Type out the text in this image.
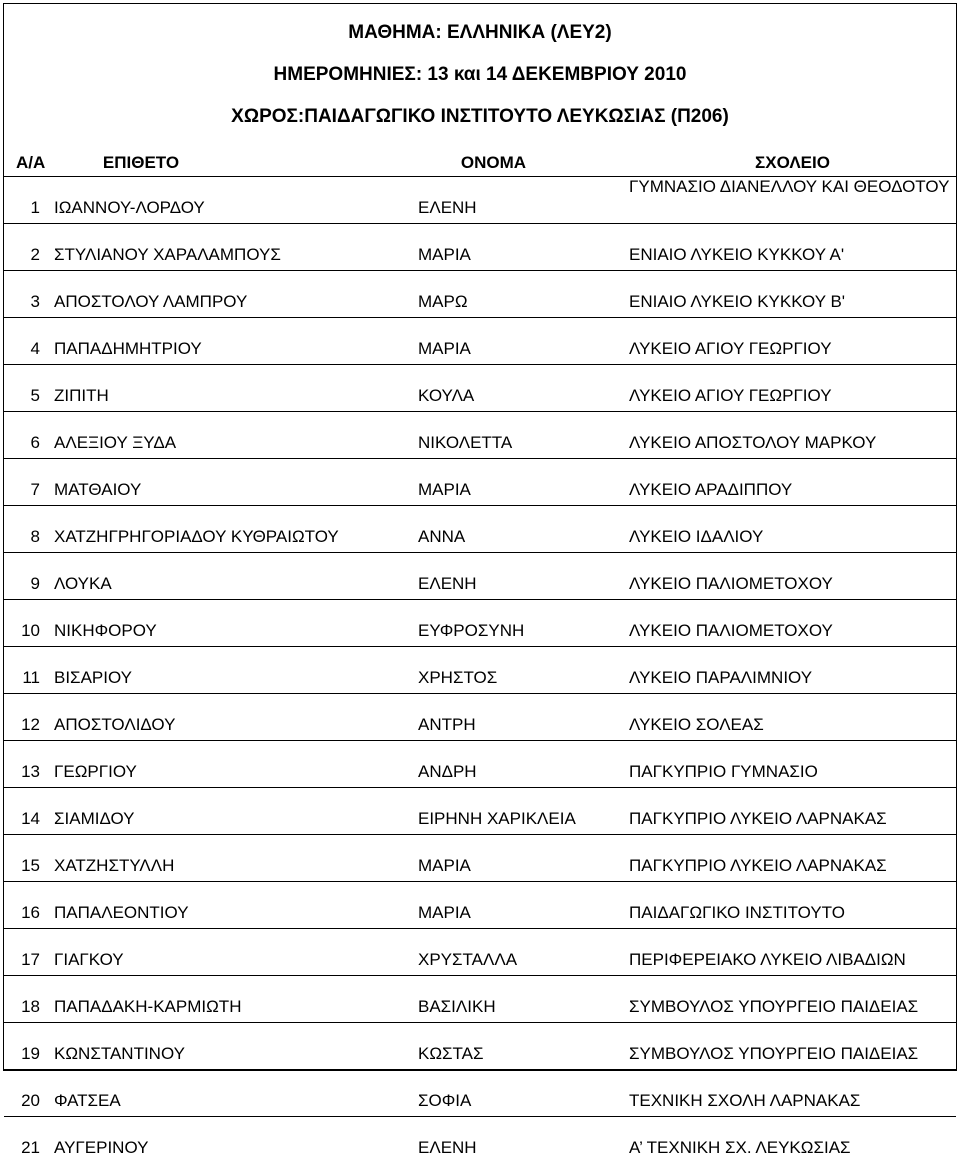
ΜΑΘΗΜΑ: ΕΛΛΗΝΙΚΑ (ΛΕΥ2)
ΗΜΕΡΟΜΗΝΙΕΣ: 13 και 14 ΔΕΚΕΜΒΡΙΟΥ 2010
ΧΩΡΟΣ:ΠΑΙΔΑΓΩΓΙΚΟ ΙΝΣΤΙΤΟΥΤΟ ΛΕΥΚΩΣΙΑΣ (Π206)
Α/Α	ΕΠΙΘΕΤΟ	ΟΝΟΜΑ	ΣΧΟΛΕΙΟ
1	ΙΩΑΝΝΟΥ-ΛΟΡΔΟΥ	ΕΛΕΝΗ	ΓΥΜΝΑΣΙΟ ΔΙΑΝΕΛΛΟΥ ΚΑΙ ΘΕΟΔΟΤΟΥ

2	ΣΤΥΛΙΑΝΟΥ ΧΑΡΑΛΑΜΠΟΥΣ	ΜΑΡΙΑ	ΕΝΙΑΙΟ ΛΥΚΕΙΟ ΚΥΚΚΟΥ Α'
3	ΑΠΟΣΤΟΛΟΥ ΛΑΜΠΡΟΥ	ΜΑΡΩ	ΕΝΙΑΙΟ ΛΥΚΕΙΟ ΚΥΚΚΟΥ Β'
4	ΠΑΠΑΔΗΜΗΤΡΙΟΥ	ΜΑΡΙΑ	ΛΥΚΕΙΟ ΑΓΙΟΥ ΓΕΩΡΓΙΟΥ
5	ΖΙΠΙΤΗ	ΚΟΥΛΑ	ΛΥΚΕΙΟ ΑΓΙΟΥ ΓΕΩΡΓΙΟΥ
6	ΑΛΕΞΙΟΥ ΞΥΔΑ	ΝΙΚΟΛΕΤΤΑ	ΛΥΚΕΙΟ ΑΠΟΣΤΟΛΟΥ ΜΑΡΚΟΥ
7	ΜΑΤΘΑΙΟΥ	ΜΑΡΙΑ	ΛΥΚΕΙΟ ΑΡΑΔΙΠΠΟΥ
8	ΧΑΤΖΗΓΡΗΓΟΡΙΑΔΟΥ ΚΥΘΡΑΙΩΤΟΥ	ΑΝΝΑ	ΛΥΚΕΙΟ ΙΔΑΛΙΟΥ
9	ΛΟΥΚΑ	ΕΛΕΝΗ	ΛΥΚΕΙΟ ΠΑΛΙΟΜΕΤΟΧΟΥ
10	ΝΙΚΗΦΟΡΟΥ	ΕΥΦΡΟΣΥΝΗ	ΛΥΚΕΙΟ ΠΑΛΙΟΜΕΤΟΧΟΥ
11	ΒΙΣΑΡΙΟΥ	ΧΡΗΣΤΟΣ	ΛΥΚΕΙΟ ΠΑΡΑΛΙΜΝΙΟΥ
12	ΑΠΟΣΤΟΛΙΔΟΥ	ΑΝΤΡΗ	ΛΥΚΕΙΟ ΣΟΛΕΑΣ
13	ΓΕΩΡΓΙΟΥ	ΑΝΔΡΗ	ΠΑΓΚΥΠΡΙΟ ΓΥΜΝΑΣΙΟ
14	ΣΙΑΜΙΔΟΥ	ΕΙΡΗΝΗ ΧΑΡΙΚΛΕΙΑ	ΠΑΓΚΥΠΡΙΟ ΛΥΚΕΙΟ ΛΑΡΝΑΚΑΣ
15	ΧΑΤΖΗΣΤΥΛΛΗ	ΜΑΡΙΑ	ΠΑΓΚΥΠΡΙΟ ΛΥΚΕΙΟ ΛΑΡΝΑΚΑΣ
16	ΠΑΠΑΛΕΟΝΤΙΟΥ	ΜΑΡΙΑ	ΠΑΙΔΑΓΩΓΙΚΟ ΙΝΣΤΙΤΟΥΤΟ
17	ΓΙΑΓΚΟΥ	ΧΡΥΣΤΑΛΛΑ	ΠΕΡΙΦΕΡΕΙΑΚΟ ΛΥΚΕΙΟ ΛΙΒΑΔΙΩΝ
18	ΠΑΠΑΔΑΚΗ-ΚΑΡΜΙΩΤΗ	ΒΑΣΙΛΙΚΗ	ΣΥΜΒΟΥΛΟΣ ΥΠΟΥΡΓΕΙΟ ΠΑΙΔΕΙΑΣ
19	ΚΩΝΣΤΑΝΤΙΝΟΥ	ΚΩΣΤΑΣ	ΣΥΜΒΟΥΛΟΣ ΥΠΟΥΡΓΕΙΟ ΠΑΙΔΕΙΑΣ
20	ΦΑΤΣΕΑ	ΣΟΦΙΑ	ΤΕΧΝΙΚΗ ΣΧΟΛΗ ΛΑΡΝΑΚΑΣ
21	ΑΥΓΕΡΙΝΟΥ	ΕΛΕΝΗ	Α’ ΤΕΧΝΙΚΗ ΣΧ. ΛΕΥΚΩΣΙΑΣ
